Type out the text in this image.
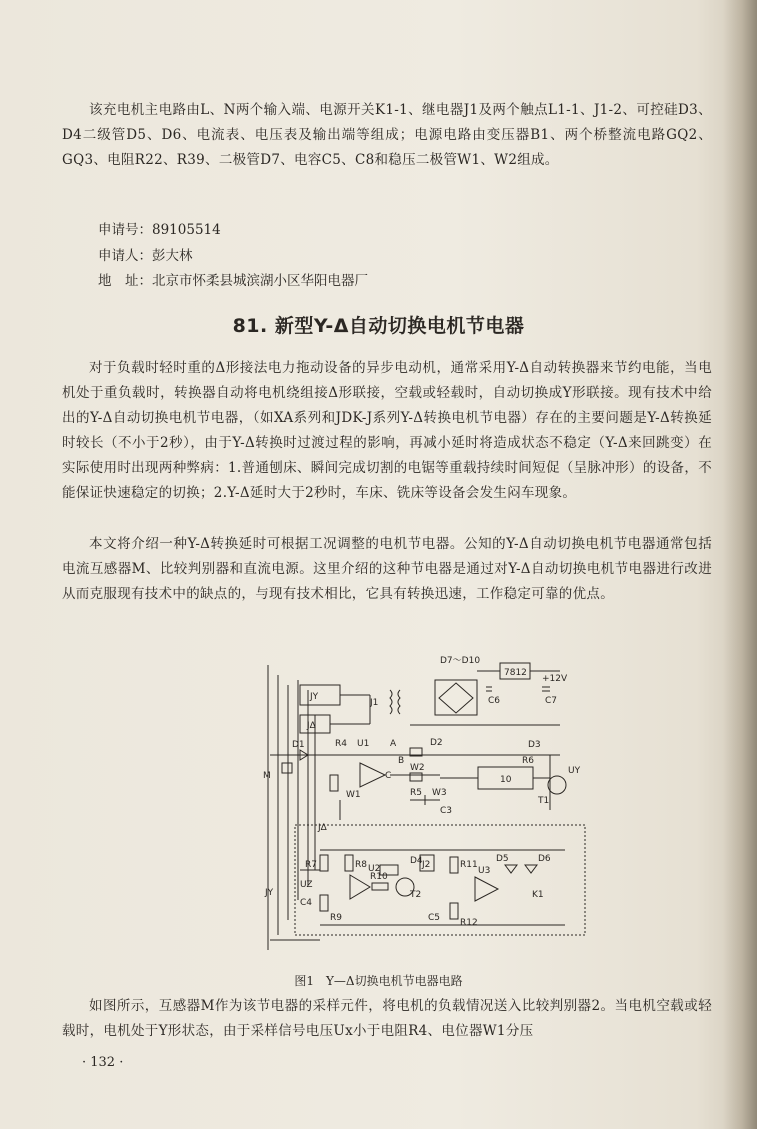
该充电机主电路由L、N两个输入端、电源开关K1-1、继电器J1及两个触点L1-1、J1-2、可控硅D3、D4二级管D5、D6、电流表、电压表及输出端等组成；电源电路由变压器B1、两个桥整流电路GQ2、GQ3、电阻R22、R39、二极管D7、电容C5、C8和稳压二极管W1、W2组成。

申请号：89105514

申请人：彭大林

地　址：北京市怀柔县城滨湖小区华阳电器厂

81. 新型Y-Δ自动切换电机节电器

对于负载时轻时重的Δ形接法电力拖动设备的异步电动机，通常采用Y-Δ自动转换器来节约电能，当电机处于重负载时，转换器自动将电机绕组接Δ形联接，空载或轻载时，自动切换成Y形联接。现有技术中给出的Y-Δ自动切换电机节电器，（如XA系列和JDK-J系列Y-Δ转换电机节电器）存在的主要问题是Y-Δ转换延时较长（不小于2秒），由于Y-Δ转换时过渡过程的影响，再减小延时将造成状态不稳定（Y-Δ来回跳变）在实际使用时出现两种弊病：1.普通刨床、瞬间完成切割的电锯等重载持续时间短促（呈脉冲形）的设备，不能保证快速稳定的切换；2.Y-Δ延时大于2秒时，车床、铣床等设备会发生闷车现象。

本文将介绍一种Y-Δ转换延时可根据工况调整的电机节电器。公知的Y-Δ自动切换电机节电器通常包括电流互感器M、比较判别器和直流电源。这里介绍的这种节电器是通过对Y-Δ自动切换电机节电器进行改进从而克服现有技术中的缺点的，与现有技术相比，它具有转换迅速，工作稳定可靠的优点。

D7～D10
7812
+12V
C6	C7
JY
JΔ
J1
D1
M
R4 U1 A
B
C
D2
W2
W1	R5 W3
C3
10
R6
T1
D3
UY
JΔ
R7	R8
UZ
U2
R10
D4 J2
T2
R11
U3
D5	D6
K1
C4
R9	C5 R12
JY

图1　Y—Δ切换电机节电器电路

如图所示，互感器M作为该节电器的采样元件，将电机的负载情况送入比较判别器2。当电机空载或轻载时，电机处于Y形状态，由于采样信号电压Ux小于电阻R4、电位器W1分压

· 132 ·
